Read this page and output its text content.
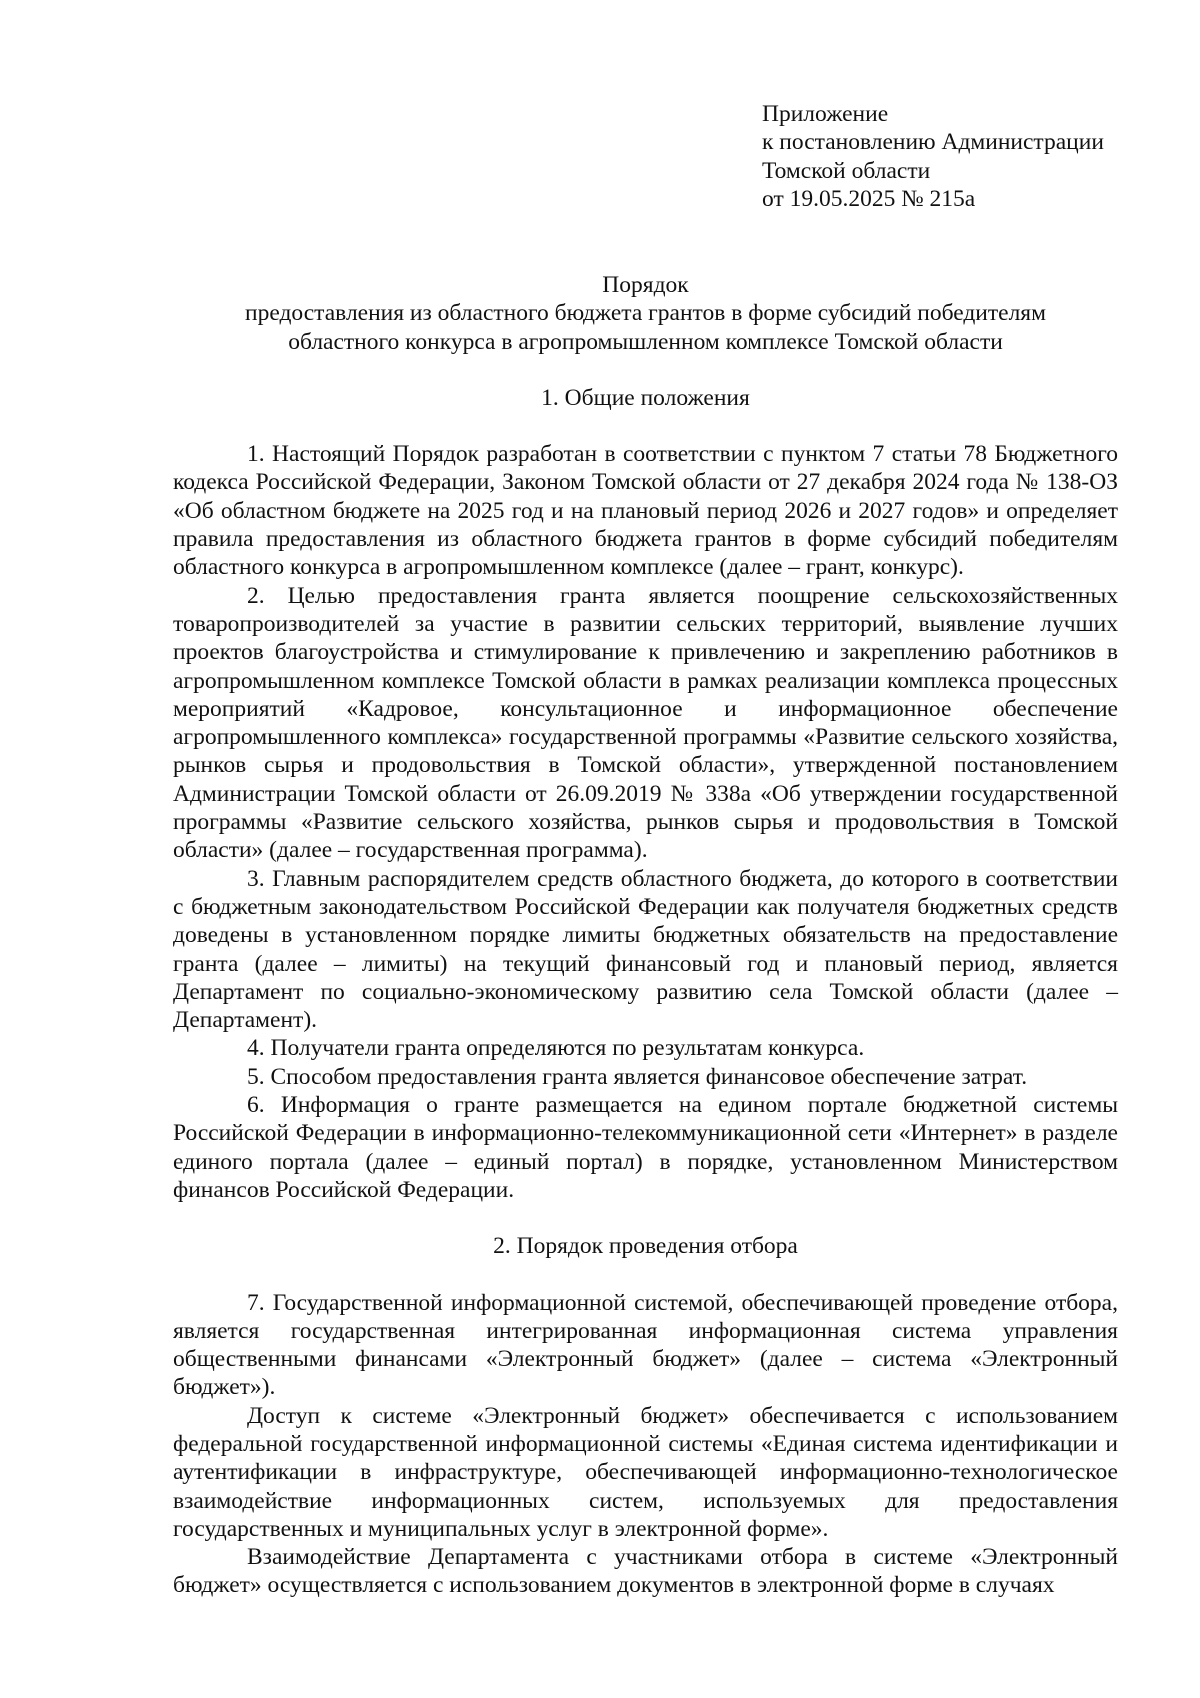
Приложение
к постановлению Администрации
Томской области
от 19.05.2025 № 215а
Порядок
предоставления из областного бюджета грантов в форме субсидий победителям
областного конкурса в агропромышленном комплексе Томской области
1. Общие положения

1. Настоящий Порядок разработан в соответствии с пунктом 7 статьи 78 Бюджетного кодекса Российской Федерации, Законом Томской области от 27 декабря 2024 года № 138-ОЗ «Об областном бюджете на 2025 год и на плановый период 2026 и 2027 годов» и определяет правила предоставления из областного бюджета грантов в форме субсидий победителям областного конкурса в агропромышленном комплексе (далее – грант, конкурс).

2. Целью предоставления гранта является поощрение сельскохозяйственных товаропроизводителей за участие в развитии сельских территорий, выявление лучших проектов благоустройства и стимулирование к привлечению и закреплению работников в агропромышленном комплексе Томской области в рамках реализации комплекса процессных мероприятий «Кадровое, консультационное и информационное обеспечение агропромышленного комплекса» государственной программы «Развитие сельского хозяйства, рынков сырья и продовольствия в Томской области», утвержденной постановлением Администрации Томской области от 26.09.2019 № 338а «Об утверждении государственной программы «Развитие сельского хозяйства, рынков сырья и продовольствия в Томской области» (далее – государственная программа).

3. Главным распорядителем средств областного бюджета, до которого в соответствии с бюджетным законодательством Российской Федерации как получателя бюджетных средств доведены в установленном порядке лимиты бюджетных обязательств на предоставление гранта (далее – лимиты) на текущий финансовый год и плановый период, является Департамент по социально-экономическому развитию села Томской области (далее – Департамент).

4. Получатели гранта определяются по результатам конкурса.

5. Способом предоставления гранта является финансовое обеспечение затрат.

6. Информация о гранте размещается на едином портале бюджетной системы Российской Федерации в информационно-телекоммуникационной сети «Интернет» в разделе единого портала (далее – единый портал) в порядке, установленном Министерством финансов Российской Федерации.

2. Порядок проведения отбора

7. Государственной информационной системой, обеспечивающей проведение отбора, является государственная интегрированная информационная система управления общественными финансами «Электронный бюджет» (далее – система «Электронный бюджет»).

Доступ к системе «Электронный бюджет» обеспечивается с использованием федеральной государственной информационной системы «Единая система идентификации и аутентификации в инфраструктуре, обеспечивающей информационно-технологическое взаимодействие информационных систем, используемых для предоставления государственных и муниципальных услуг в электронной форме».

Взаимодействие Департамента с участниками отбора в системе «Электронный бюджет» осуществляется с использованием документов в электронной форме в случаях
